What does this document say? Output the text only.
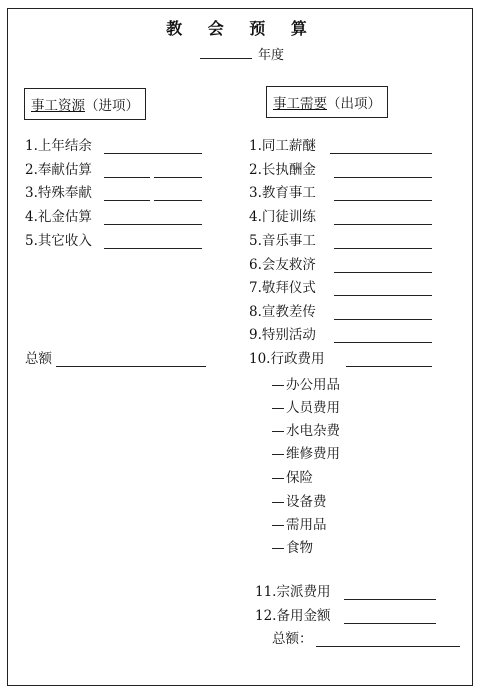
教 会 预 算
年度
事工资源（进项）	事工需要（出项）
1.上年结余
2.奉献估算
3.特殊奉献
4.礼金估算
5.其它收入
总额
1.同工薪醚
2.长执酬金
3.教育事工
4.门徒训练
5.音乐事工
6.会友救济
7.敬拜仪式
8.宣教差传
9.特别活动
10.行政费用
办公用品
人员费用
水电杂费
维修费用
保险
设备费
需用品
食物
11.宗派费用
12.备用金额
总额：
